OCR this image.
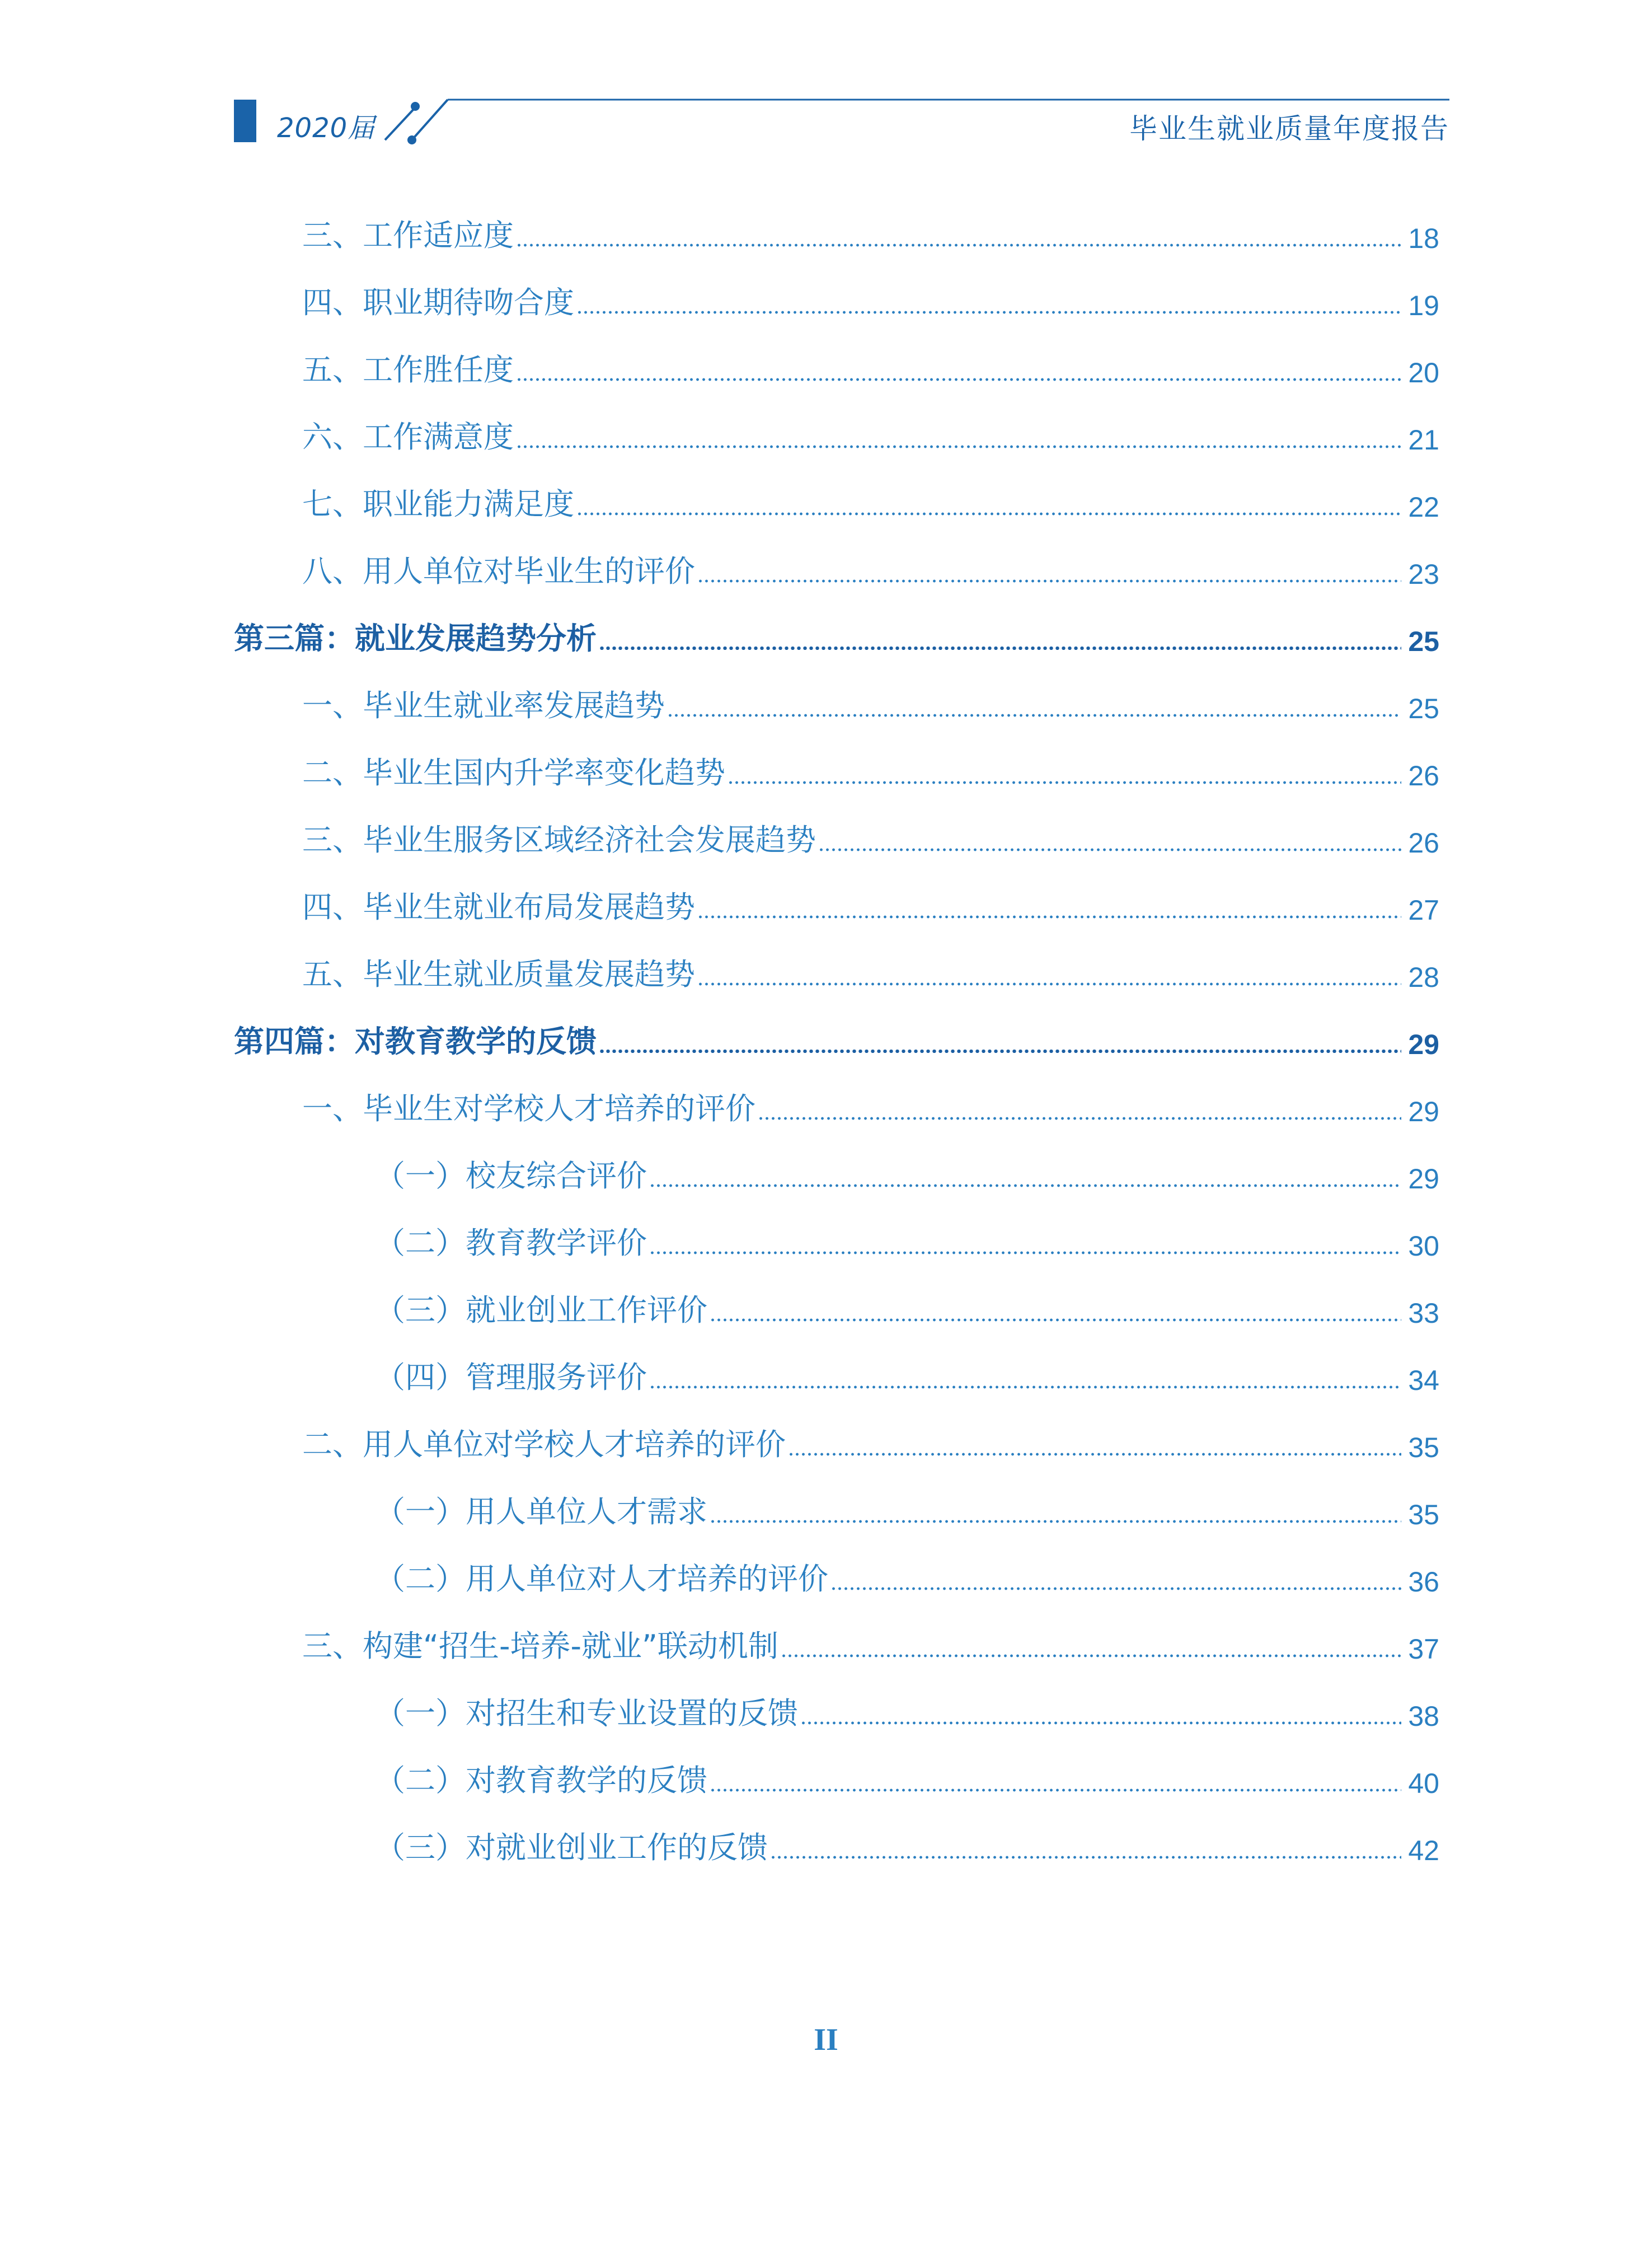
2020届	毕业生就业质量年度报告
三、工作适应度	18
四、职业期待吻合度	19
五、工作胜任度	20
六、工作满意度	21
七、职业能力满足度	22
八、用人单位对毕业生的评价	23
第三篇：就业发展趋势分析	25
一、毕业生就业率发展趋势	25
二、毕业生国内升学率变化趋势	26
三、毕业生服务区域经济社会发展趋势	26
四、毕业生就业布局发展趋势	27
五、毕业生就业质量发展趋势	28
第四篇：对教育教学的反馈	29
一、毕业生对学校人才培养的评价	29
（一）校友综合评价	29
（二）教育教学评价	30
（三）就业创业工作评价	33
（四）管理服务评价	34
二、用人单位对学校人才培养的评价	35
（一）用人单位人才需求	35
（二）用人单位对人才培养的评价	36
三、构建“招生-培养-就业”联动机制	37
（一）对招生和专业设置的反馈	38
（二）对教育教学的反馈	40
（三）对就业创业工作的反馈	42
II
